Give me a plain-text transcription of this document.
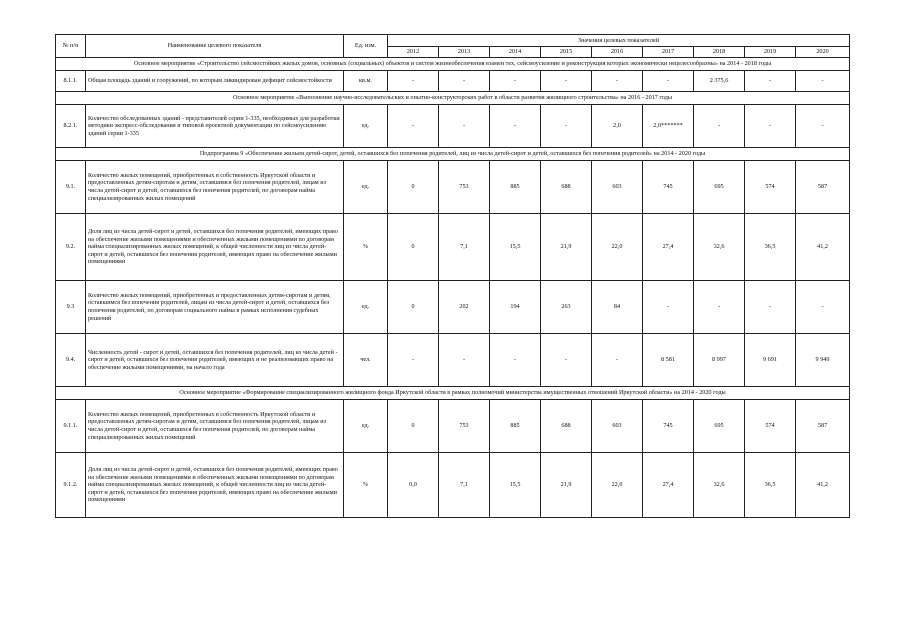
№ п/п	Наименование целевого показателя	Ед. изм.	Значения целевых показателей								
			2012	2013	2014	2015	2016	2017	2018	2019	2020
Основное мероприятие «Строительство сейсмостойких жилых домов, основных (социальных) объектов и систем жизнеобеспечения взамен тех, сейсмоусиление и реконструкция которых экономически нецелесообразны» на 2014 - 2018 годы											
8.1.1.	Общая площадь зданий и сооружений, по которым ликвидирован дефицит сейсмостойкости	кв.м.	-	-	-	-	-	-	2 375,6	-	-
Основное мероприятие «Выполнение научно-исследовательских и опытно-конструкторских работ в области развития жилищного строительства» на 2016 - 2017 годы											
8.2.1.	Количество обследованных зданий - представителей серии 1-335, необходимых для разработки методики экспресс-обследования и типовой проектной документации по сейсмоусилению зданий серии 1-335	ед.	-	-	-	-	2,0	2,0*******	-	-	-
Подпрограмма 9 «Обеспечение жильем детей-сирот, детей, оставшихся без попечения родителей, лиц из числа детей-сирот и детей, оставшихся без попечения родителей» на 2014 - 2020 годы											
9.1.	Количество жилых помещений, приобретенных в собственность Иркутской области и предоставленных детям-сиротам и детям, оставшимся без попечения родителей, лицам из числа детей-сирот и детей, оставшихся без попечения родителей, по договорам найма специализированных жилых помещений	ед.	0	753	885	688	603	745	695	574	587
9.2.	Доля лиц из числа детей-сирот и детей, оставшихся без попечения родителей, имеющих право на обеспечение жилыми помещениями и обеспеченных жилыми помещениями по договорам найма специализированных жилых помещений, к общей численности лиц из числа детей-сирот и детей, оставшихся без попечения родителей, имеющих право на обеспечение жилыми помещениями	%	0	7,1	15,5	21,9	22,0	27,4	32,6	36,5	41,2
9.3	Количество жилых помещений, приобретенных и предоставленных детям-сиротам и детям, оставшимся без попечения родителей, лицам из числа детей-сирот и детей, оставшихся без попечения родителей, по договорам социального найма в рамках исполнения судебных решений	ед.	0	202	194	263	84	-	-	-	-
9.4.	Численность детей - сирот и детей, оставшихся без попечения родителей, лиц из числа детей - сирот и детей, оставшихся без попечения родителей, имеющих и не реализовавших право на обеспечение жилыми помещениями, на начало года	чел.	-	-	-	-	-	8 581	8 997	9 691	9 949
Основное мероприятие «Формирование специализированного жилищного фонда Иркутской области в рамках полномочий министерства имущественных отношений Иркутской области» на 2014 - 2020 годы											
9.1.1.	Количество жилых помещений, приобретенных в собственность Иркутской области и предоставленных детям-сиротам и детям, оставшимся без попечения родителей, лицам из числа детей-сирот и детей, оставшихся без попечения родителей, по договорам найма специализированных жилых помещений	ед.	0	753	885	688	603	745	695	574	587
9.1.2.	Доля лиц из числа детей-сирот и детей, оставшихся без попечения родителей, имеющих право на обеспечение жилыми помещениями и обеспеченных жилыми помещениями по договорам найма специализированных жилых помещений, к общей численности лиц из числа детей-сирот и детей, оставшихся без попечения родителей, имеющих право на обеспечение жилыми помещениями	%	0,0	7,1	15,5	21,9	22,0	27,4	32,6	36,5	41,2
